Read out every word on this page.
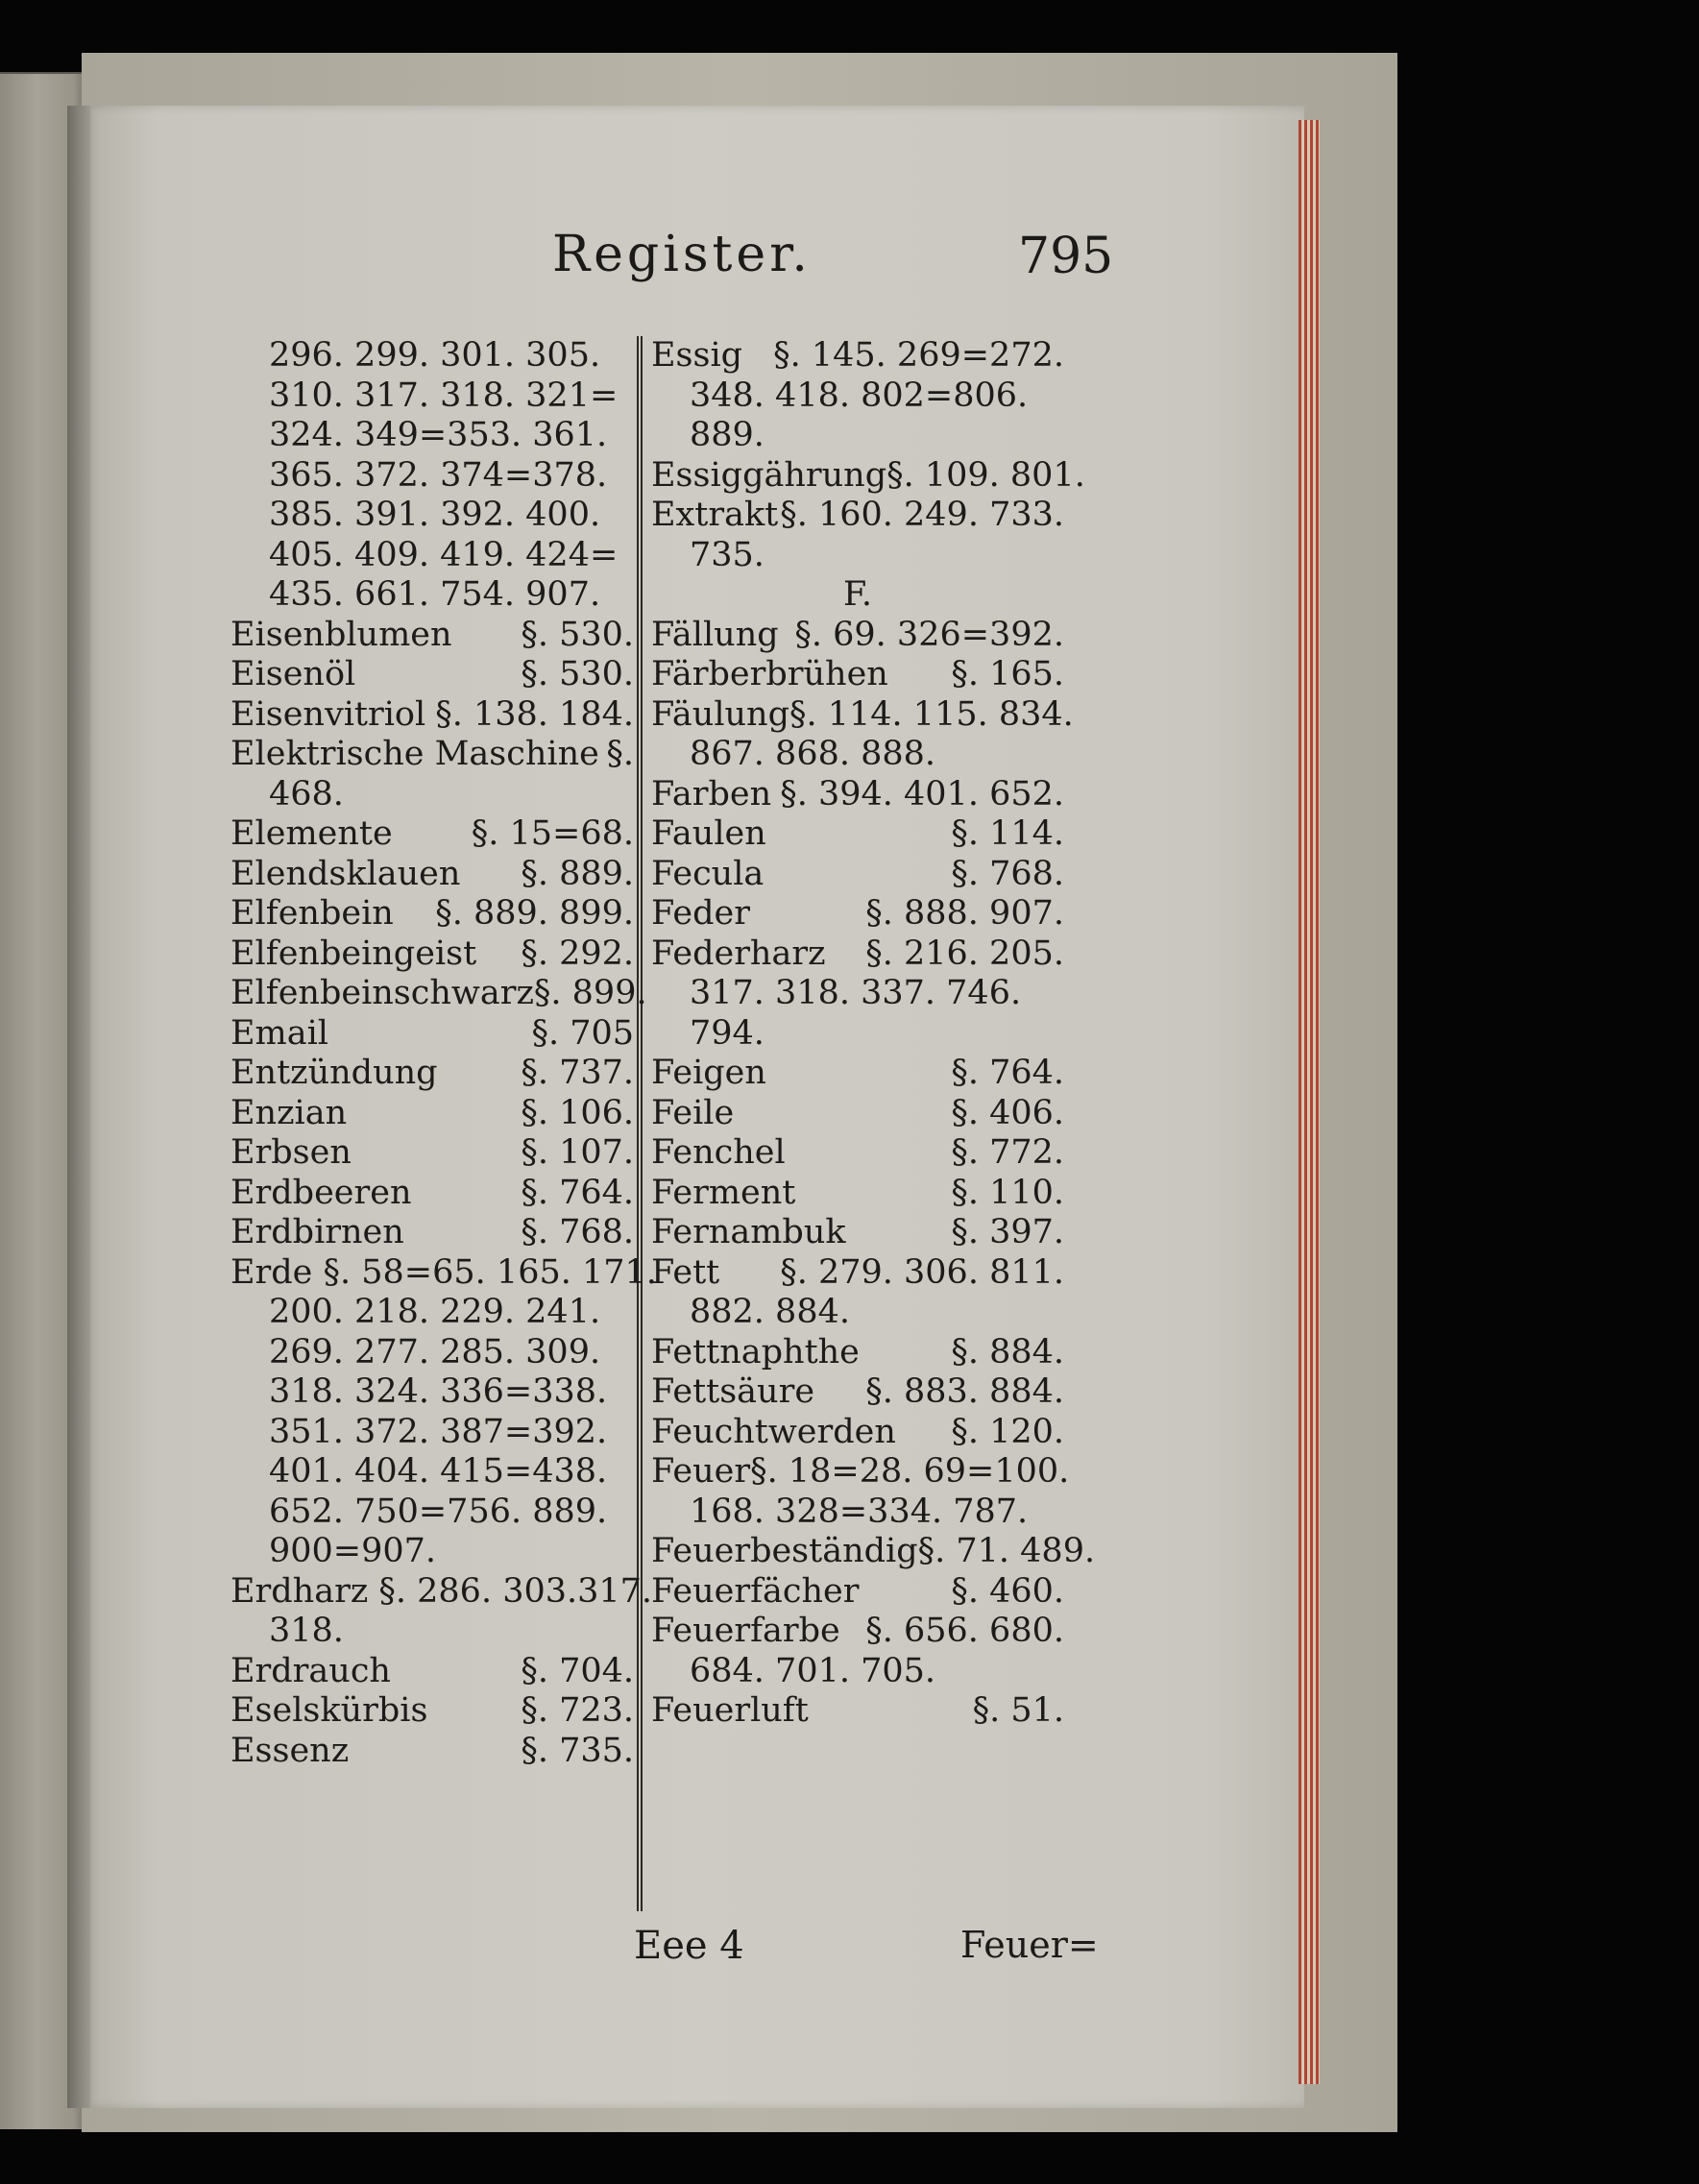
Register.	795
296. 299. 301. 305.
310. 317. 318. 321=
324. 349=353. 361.
365. 372. 374=378.
385. 391. 392. 400.
405. 409. 419. 424=
435. 661. 754. 907.
Eisenblumen	§. 530.
Eisenöl	§. 530.
Eisenvitriol §. 138. 184.
Elektrische Maschine §.
468.
Elemente	§. 15=68.
Elendsklauen	§. 889.
Elfenbein	§. 889. 899.
Elfenbeingeist	§. 292.
Elfenbeinschwarz §. 899.
Email	§. 705
Entzündung	§. 737.
Enzian	§. 106.
Erbsen	§. 107.
Erdbeeren	§. 764.
Erdbirnen	§. 768.
Erde §. 58=65. 165. 171.
200. 218. 229. 241.
269. 277. 285. 309.
318. 324. 336=338.
351. 372. 387=392.
401. 404. 415=438.
652. 750=756. 889.
900=907.
Erdharz §. 286. 303.317.
318.
Erdrauch	§. 704.
Eselskürbis	§. 723.
Essenz	§. 735.
Essig §. 145. 269=272.
348. 418. 802=806.
889.
Essiggährung §. 109. 801.
Extrakt §. 160. 249. 733.
735.
F.
Fällung §. 69. 326=392.
Färberbrühen	§. 165.
Fäulung §. 114. 115. 834.
867. 868. 888.
Farben §. 394. 401. 652.
Faulen	§. 114.
Fecula	§. 768.
Feder	§. 888. 907.
Federharz	§. 216. 205.
317. 318. 337. 746.
794.
Feigen	§. 764.
Feile	§. 406.
Fenchel	§. 772.
Ferment	§. 110.
Fernambuk	§. 397.
Fett	§. 279. 306. 811.
882. 884.
Fettnaphthe	§. 884.
Fettsäure	§. 883. 884.
Feuchtwerden	§. 120.
Feuer §. 18=28. 69=100.
168. 328=334. 787.
Feuerbeständig §. 71. 489.
Feuerfächer	§. 460.
Feuerfarbe §. 656. 680.
684. 701. 705.
Feuerluft	§. 51.
Eee 4	Feuer=
